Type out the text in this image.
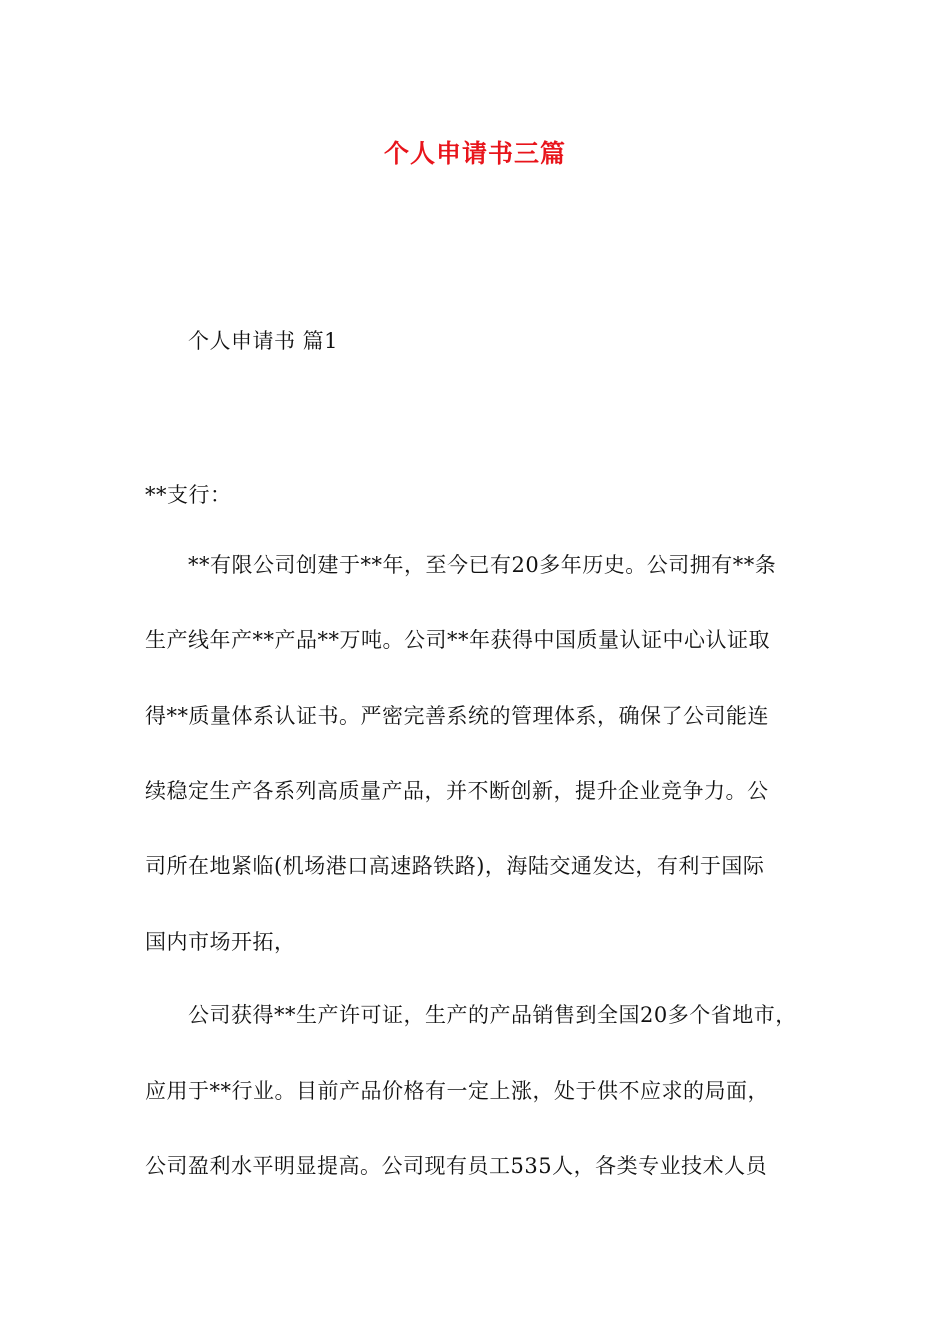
个人申请书三篇
个人申请书 篇1
**支行：
**有限公司创建于**年，至今已有20多年历史。公司拥有**条
生产线年产**产品**万吨。公司**年获得中国质量认证中心认证取
得**质量体系认证书。严密完善系统的管理体系，确保了公司能连
续稳定生产各系列高质量产品，并不断创新，提升企业竞争力。公
司所在地紧临(机场港口高速路铁路)，海陆交通发达，有利于国际
国内市场开拓，
公司获得**生产许可证，生产的产品销售到全国20多个省地市，
应用于**行业。目前产品价格有一定上涨，处于供不应求的局面，
公司盈利水平明显提高。公司现有员工535人，各类专业技术人员
